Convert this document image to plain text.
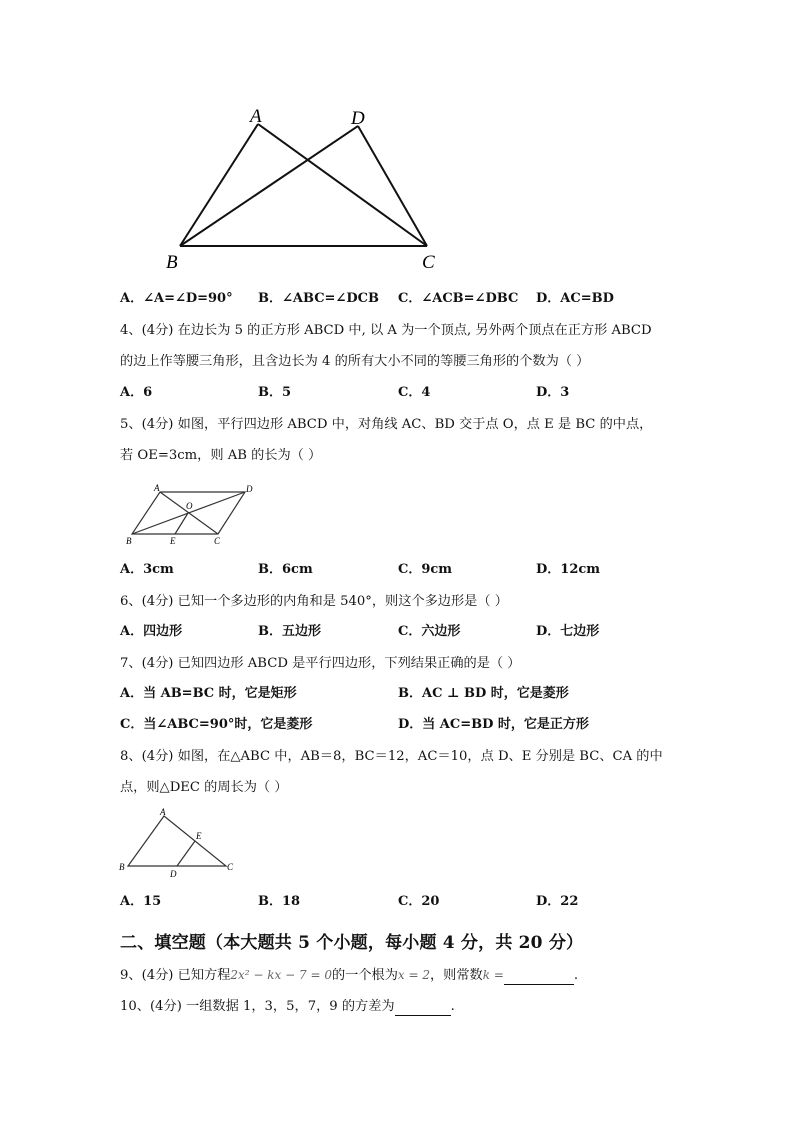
A	D
B	C
A．∠A=∠D=90° B．∠ABC=∠DCB C．∠ACB=∠DBC D．AC=BD
4、(4分) 在边长为 5 的正方形 ABCD 中, 以 A 为一个顶点, 另外两个顶点在正方形 ABCD
的边上作等腰三角形，且含边长为 4 的所有大小不同的等腰三角形的个数为（ ）
A．6	B．5	C．4	D．3
5、(4分) 如图，平行四边形 ABCD 中，对角线 AC、BD 交于点 O，点 E 是 BC 的中点，
若 OE=3cm，则 AB 的长为（ ）
A	D
O
B	E	C
A．3cm	B．6cm	C．9cm	D．12cm
6、(4分) 已知一个多边形的内角和是 540°，则这个多边形是（ ）
A．四边形	B．五边形	C．六边形	D．七边形
7、(4分) 已知四边形 ABCD 是平行四边形，下列结果正确的是（ ）
A．当 AB=BC 时，它是矩形	B．AC ⊥ BD 时，它是菱形
C．当∠ABC=90°时，它是菱形	D．当 AC=BD 时，它是正方形
8、(4分) 如图，在△ABC 中，AB＝8，BC＝12，AC＝10，点 D、E 分别是 BC、CA 的中
点，则△DEC 的周长为（ ）
A
E
B
D
C
A．15	B．18	C．20	D．22
二、填空题（本大题共 5 个小题，每小题 4 分，共 20 分）
9、(4分) 已知方程2x² − kx − 7 = 0的一个根为x = 2，则常数k =	.
10、(4分) 一组数据 1，3，5，7，9 的方差为	.
